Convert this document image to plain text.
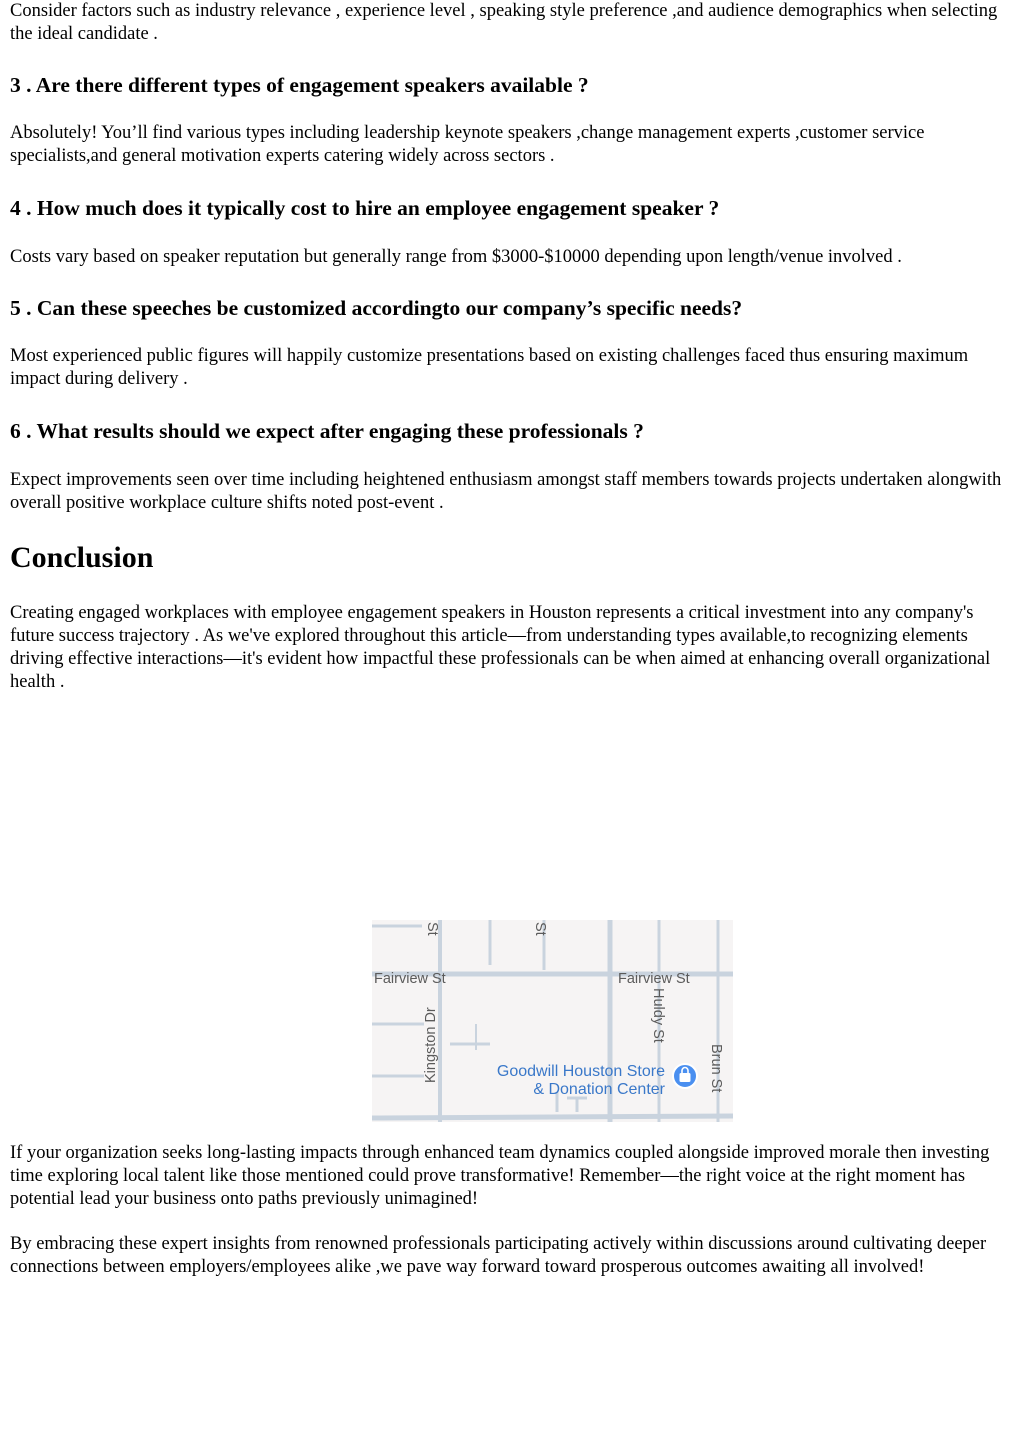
Consider factors such as industry relevance , experience level , speaking style preference ,and audience demographics when selecting the ideal candidate .

3 . Are there different types of engagement speakers available ?

Absolutely! You’ll find various types including leadership keynote speakers ,change management experts ,customer service specialists,and general motivation experts catering widely across sectors .

4 . How much does it typically cost to hire an employee engagement speaker ?

Costs vary based on speaker reputation but generally range from $3000-$10000 depending upon length/venue involved .

5 . Can these speeches be customized accordingto our company’s specific needs?

Most experienced public figures will happily customize presentations based on existing challenges faced thus ensuring maximum impact during delivery .

6 . What results should we expect after engaging these professionals ?

Expect improvements seen over time including heightened enthusiasm amongst staff members towards projects undertaken alongwith overall positive workplace culture shifts noted post-event .

Conclusion

Creating engaged workplaces with employee engagement speakers in Houston represents a critical investment into any company's future success trajectory . As we've explored throughout this article—from understanding types available,to recognizing elements driving effective interactions—it's evident how impactful these professionals can be when aimed at enhancing overall organizational health .

If your organization seeks long-lasting impacts through enhanced team dynamics coupled alongside improved morale then investing time exploring local talent like those mentioned could prove transformative! Remember—the right voice at the right moment has potential lead your business onto paths previously unimagined!

By embracing these expert insights from renowned professionals participating actively within discussions around cultivating deeper connections between employers/employees alike ,we pave way forward toward prosperous outcomes awaiting all involved!

Fairview St	Fairview St
Kingston Dr	Huldy St
Brun St
St	St
Goodwill Houston Store
& Donation Center
